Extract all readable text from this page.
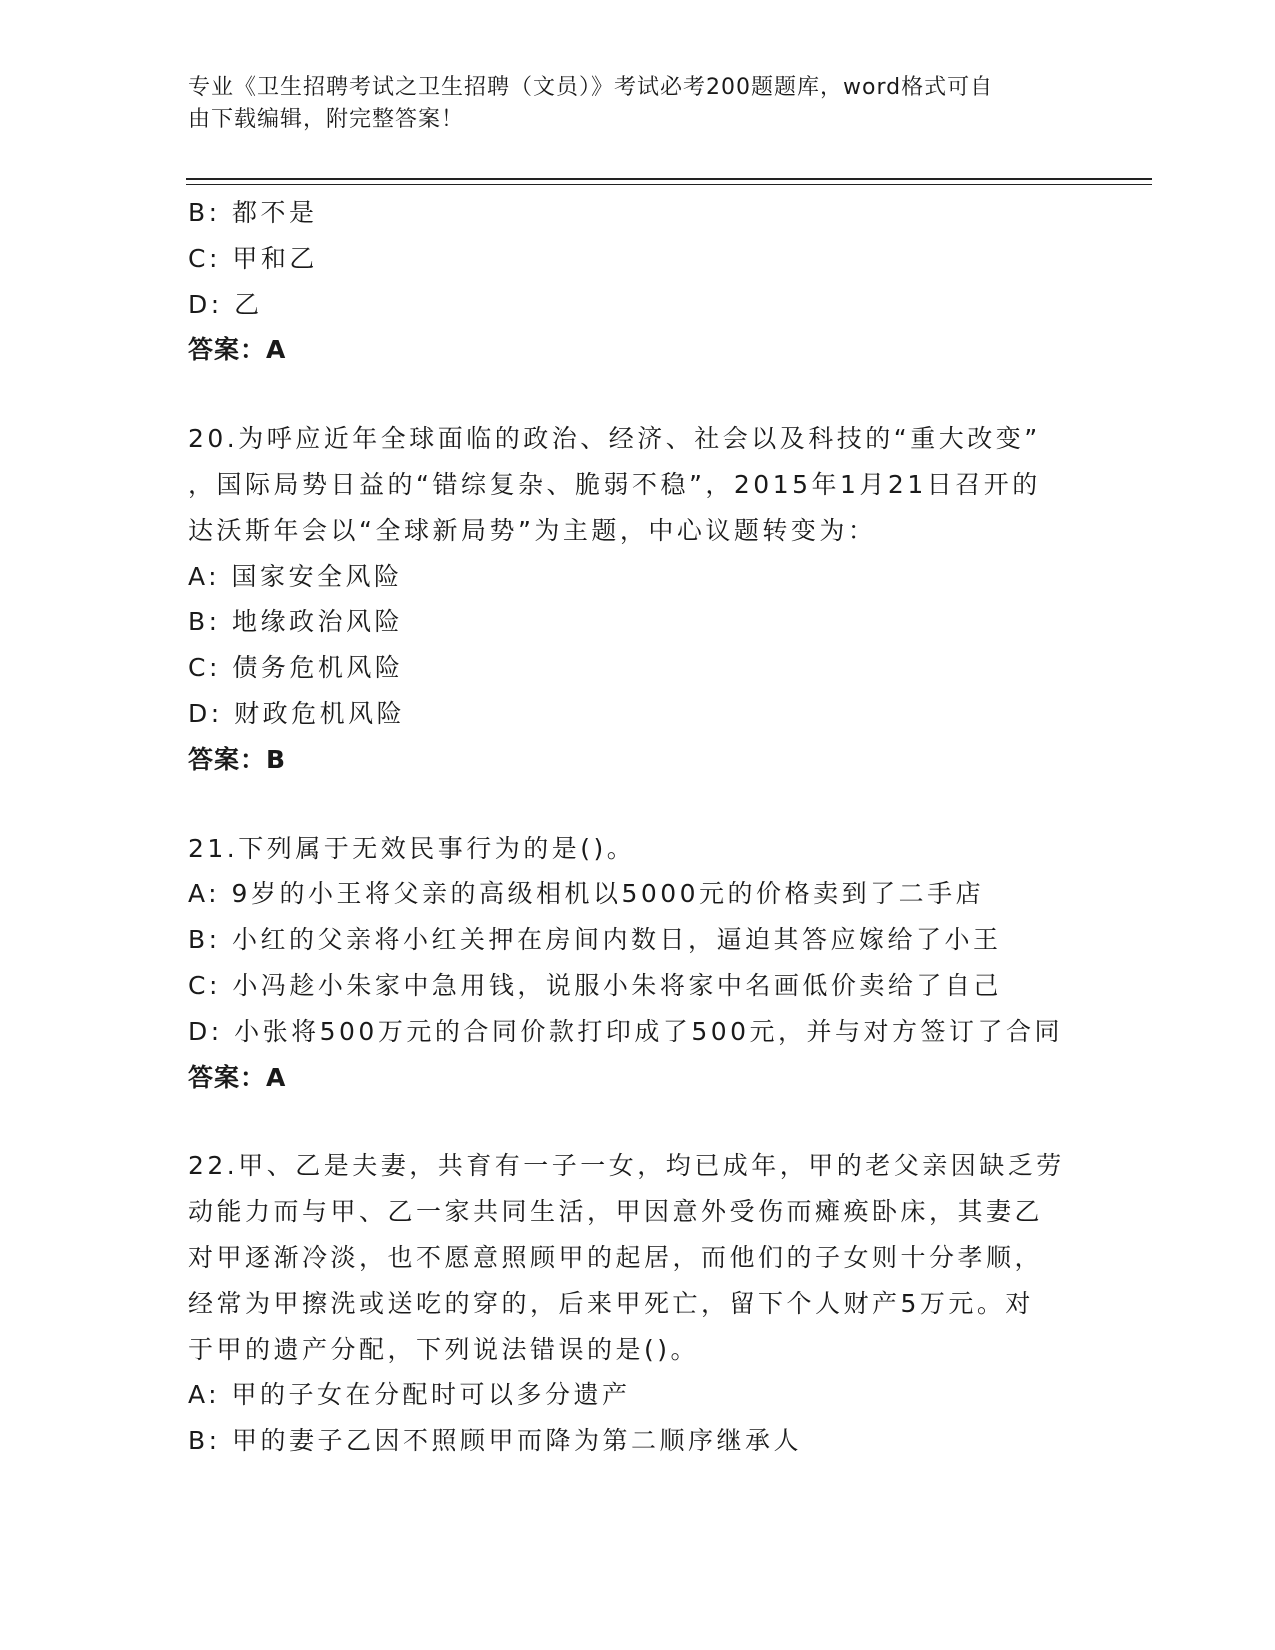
专业《卫生招聘考试之卫生招聘（文员）》考试必考200题题库，word格式可自
由下载编辑，附完整答案！
B: 都不是
C: 甲和乙
D: 乙
答案：A
20.为呼应近年全球面临的政治、经济、社会以及科技的“重大改变”
，国际局势日益的“错综复杂、脆弱不稳”，2015年1月21日召开的
达沃斯年会以“全球新局势”为主题，中心议题转变为：
A: 国家安全风险
B: 地缘政治风险
C: 债务危机风险
D: 财政危机风险
答案：B
21.下列属于无效民事行为的是()。
A: 9岁的小王将父亲的高级相机以5000元的价格卖到了二手店
B: 小红的父亲将小红关押在房间内数日，逼迫其答应嫁给了小王
C: 小冯趁小朱家中急用钱，说服小朱将家中名画低价卖给了自己
D: 小张将500万元的合同价款打印成了500元，并与对方签订了合同
答案：A
22.甲、乙是夫妻，共育有一子一女，均已成年，甲的老父亲因缺乏劳
动能力而与甲、乙一家共同生活，甲因意外受伤而瘫痪卧床，其妻乙
对甲逐渐冷淡，也不愿意照顾甲的起居，而他们的子女则十分孝顺，
经常为甲擦洗或送吃的穿的，后来甲死亡，留下个人财产5万元。对
于甲的遗产分配，下列说法错误的是()。
A: 甲的子女在分配时可以多分遗产
B: 甲的妻子乙因不照顾甲而降为第二顺序继承人
